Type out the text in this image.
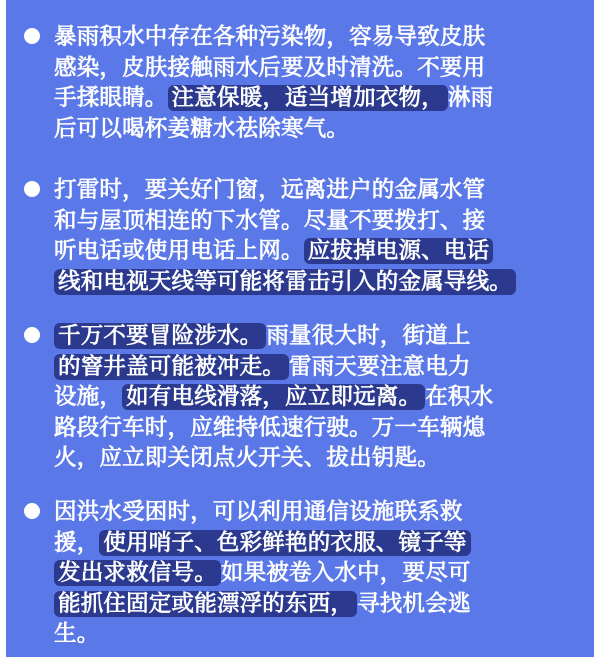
暴雨积水中存在各种污染物，容易导致皮肤
感染，皮肤接触雨水后要及时清洗。不要用
手揉眼睛。 注意保暖，适当增加衣物， 淋雨
后可以喝杯姜糖水祛除寒气。
打雷时，要关好门窗，远离进户的金属水管
和与屋顶相连的下水管。尽量不要拨打、接
听电话或使用电话上网。 应拔掉电源、电话
线和电视天线等可能将雷击引入的金属导线。
千万不要冒险涉水。 雨量很大时，街道上
的窨井盖可能被冲走。 雷雨天要注意电力
设施， 如有电线滑落，应立即远离。 在积水
路段行车时，应维持低速行驶。万一车辆熄
火，应立即关闭点火开关、拔出钥匙。
因洪水受困时，可以利用通信设施联系救
援， 使用哨子、色彩鲜艳的衣服、镜子等
发出求救信号。 如果被卷入水中，要尽可
能抓住固定或能漂浮的东西， 寻找机会逃
生。
